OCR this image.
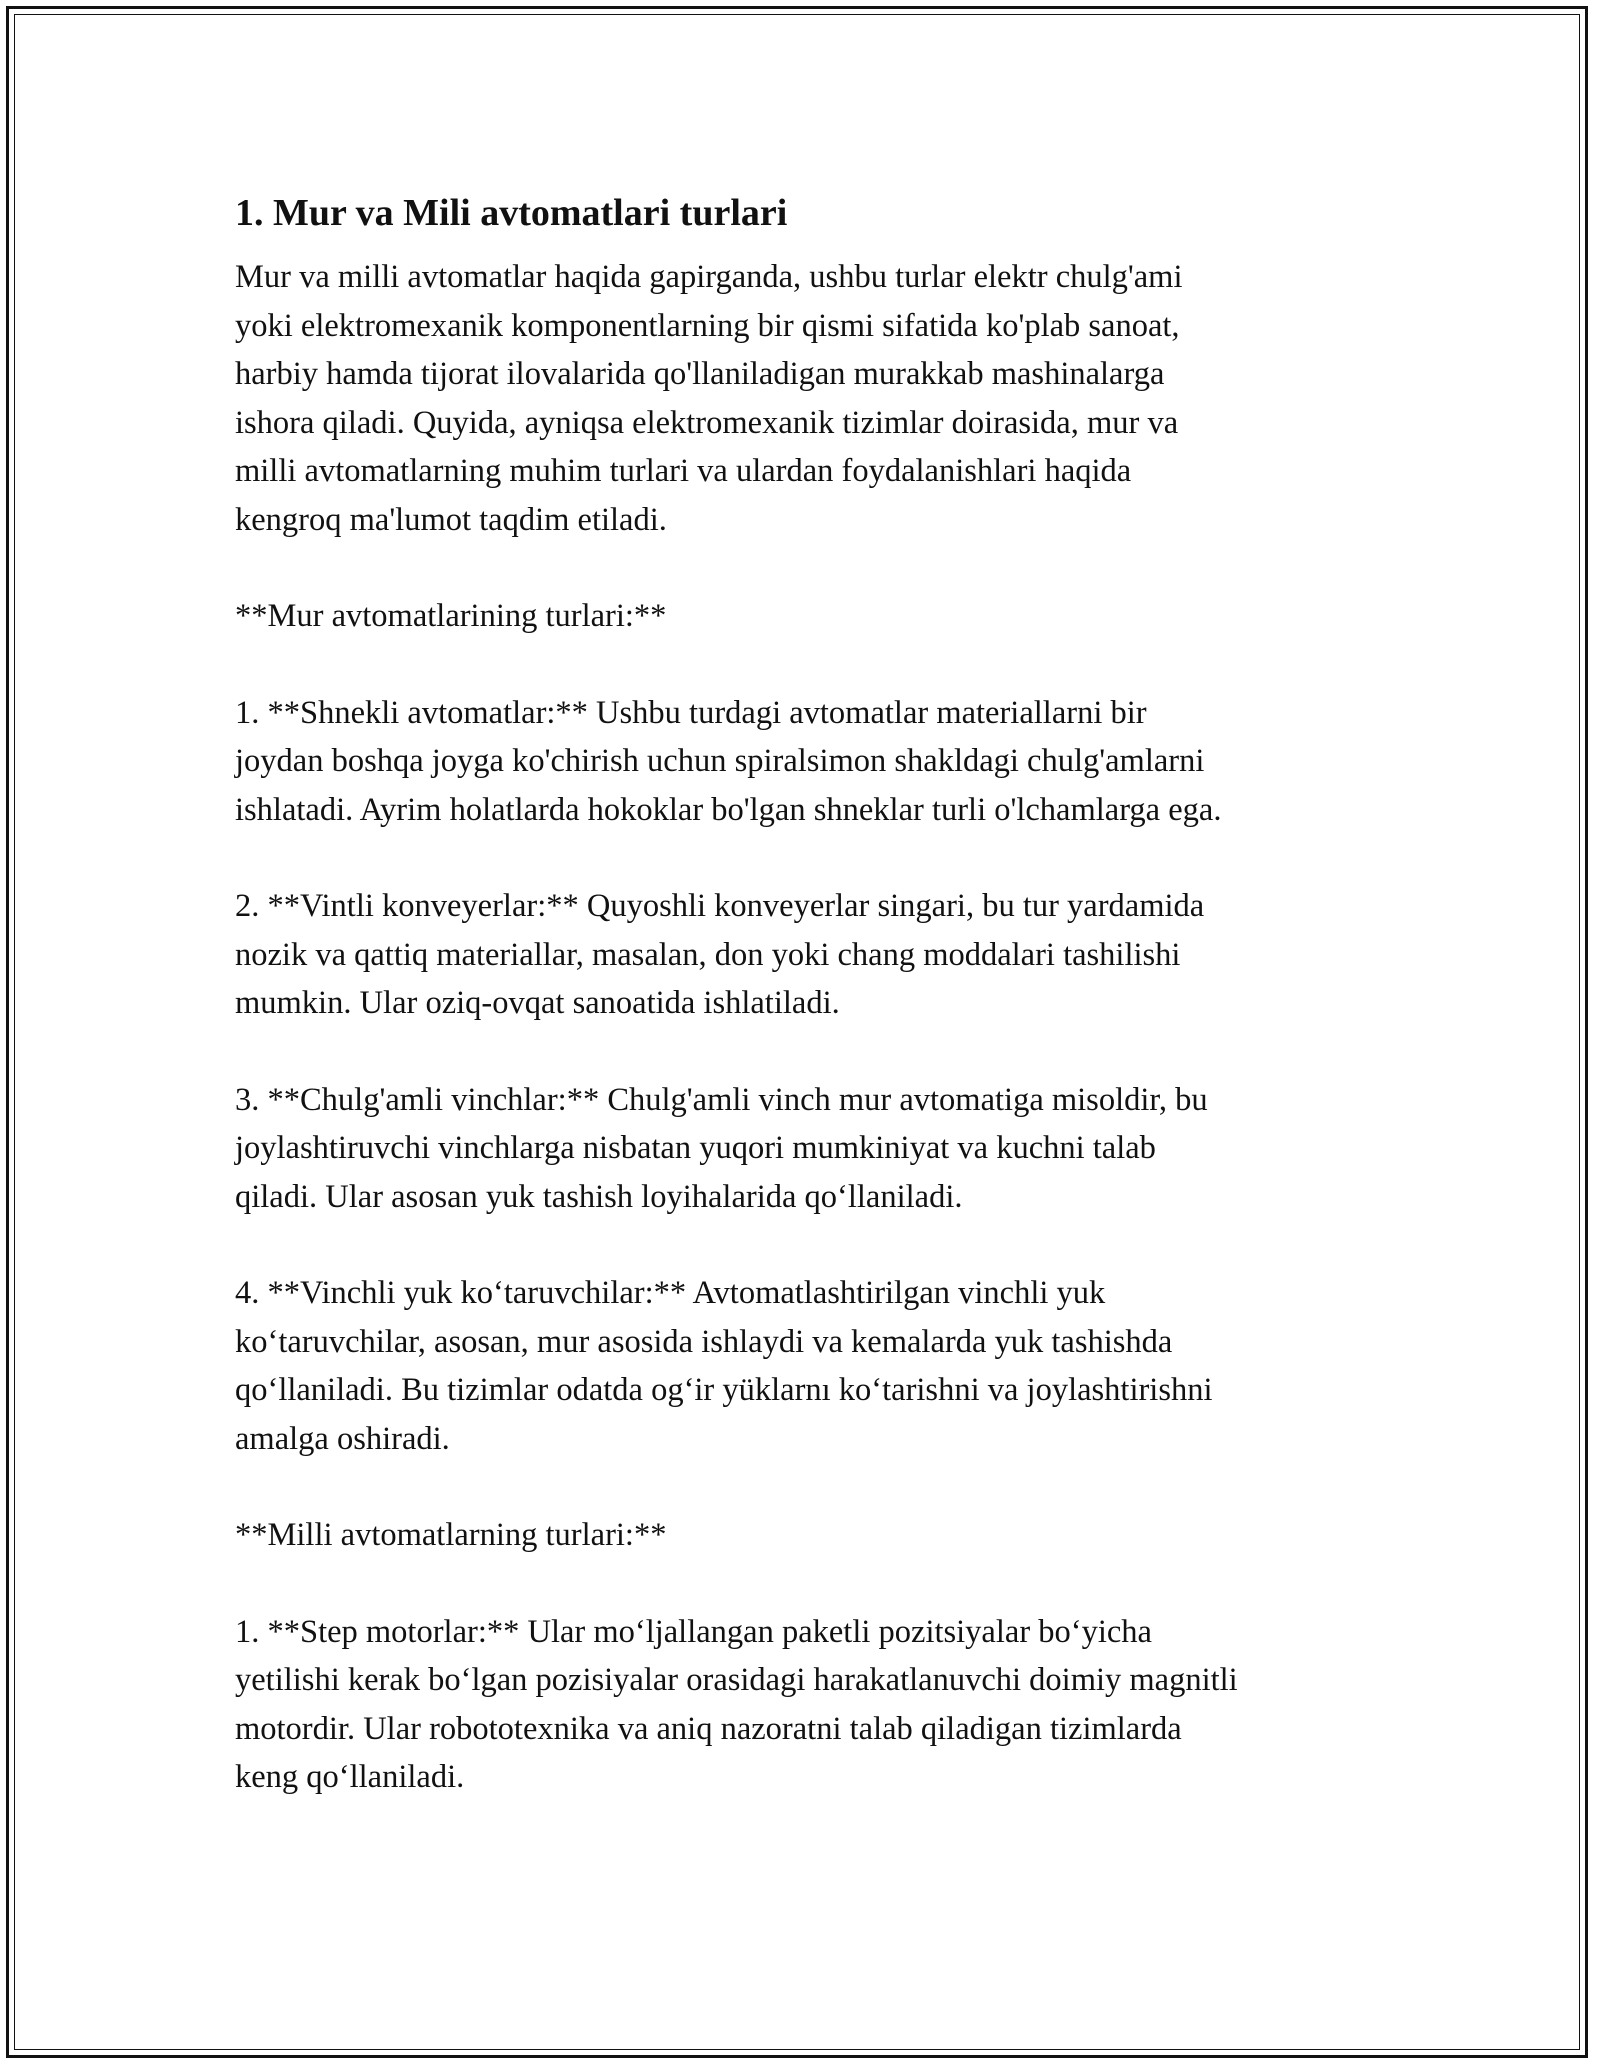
1. Mur va Mili avtomatlari turlari

Mur va milli avtomatlar haqida gapirganda, ushbu turlar elektr chulg'ami
yoki elektromexanik komponentlarning bir qismi sifatida ko'plab sanoat,
harbiy hamda tijorat ilovalarida qo'llaniladigan murakkab mashinalarga
ishora qiladi. Quyida, ayniqsa elektromexanik tizimlar doirasida, mur va
milli avtomatlarning muhim turlari va ulardan foydalanishlari haqida
kengroq ma'lumot taqdim etiladi.

**Mur avtomatlarining turlari:**

1. **Shnekli avtomatlar:** Ushbu turdagi avtomatlar materiallarni bir
joydan boshqa joyga ko'chirish uchun spiralsimon shakldagi chulg'amlarni
ishlatadi. Ayrim holatlarda hokoklar bo'lgan shneklar turli o'lchamlarga ega.

2. **Vintli konveyerlar:** Quyoshli konveyerlar singari, bu tur yardamida
nozik va qattiq materiallar, masalan, don yoki chang moddalari tashilishi
mumkin. Ular oziq-ovqat sanoatida ishlatiladi.

3. **Chulg'amli vinchlar:** Chulg'amli vinch mur avtomatiga misoldir, bu
joylashtiruvchi vinchlarga nisbatan yuqori mumkiniyat va kuchni talab
qiladi. Ular asosan yuk tashish loyihalarida qo‘llaniladi.

4. **Vinchli yuk ko‘taruvchilar:** Avtomatlashtirilgan vinchli yuk
ko‘taruvchilar, asosan, mur asosida ishlaydi va kemalarda yuk tashishda
qo‘llaniladi. Bu tizimlar odatda og‘ir yüklarnı ko‘tarishni va joylashtirishni
amalga oshiradi.

**Milli avtomatlarning turlari:**

1. **Step motorlar:** Ular mo‘ljallangan paketli pozitsiyalar bo‘yicha
yetilishi kerak bo‘lgan pozisiyalar orasidagi harakatlanuvchi doimiy magnitli
motordir. Ular robototexnika va aniq nazoratni talab qiladigan tizimlarda
keng qo‘llaniladi.
